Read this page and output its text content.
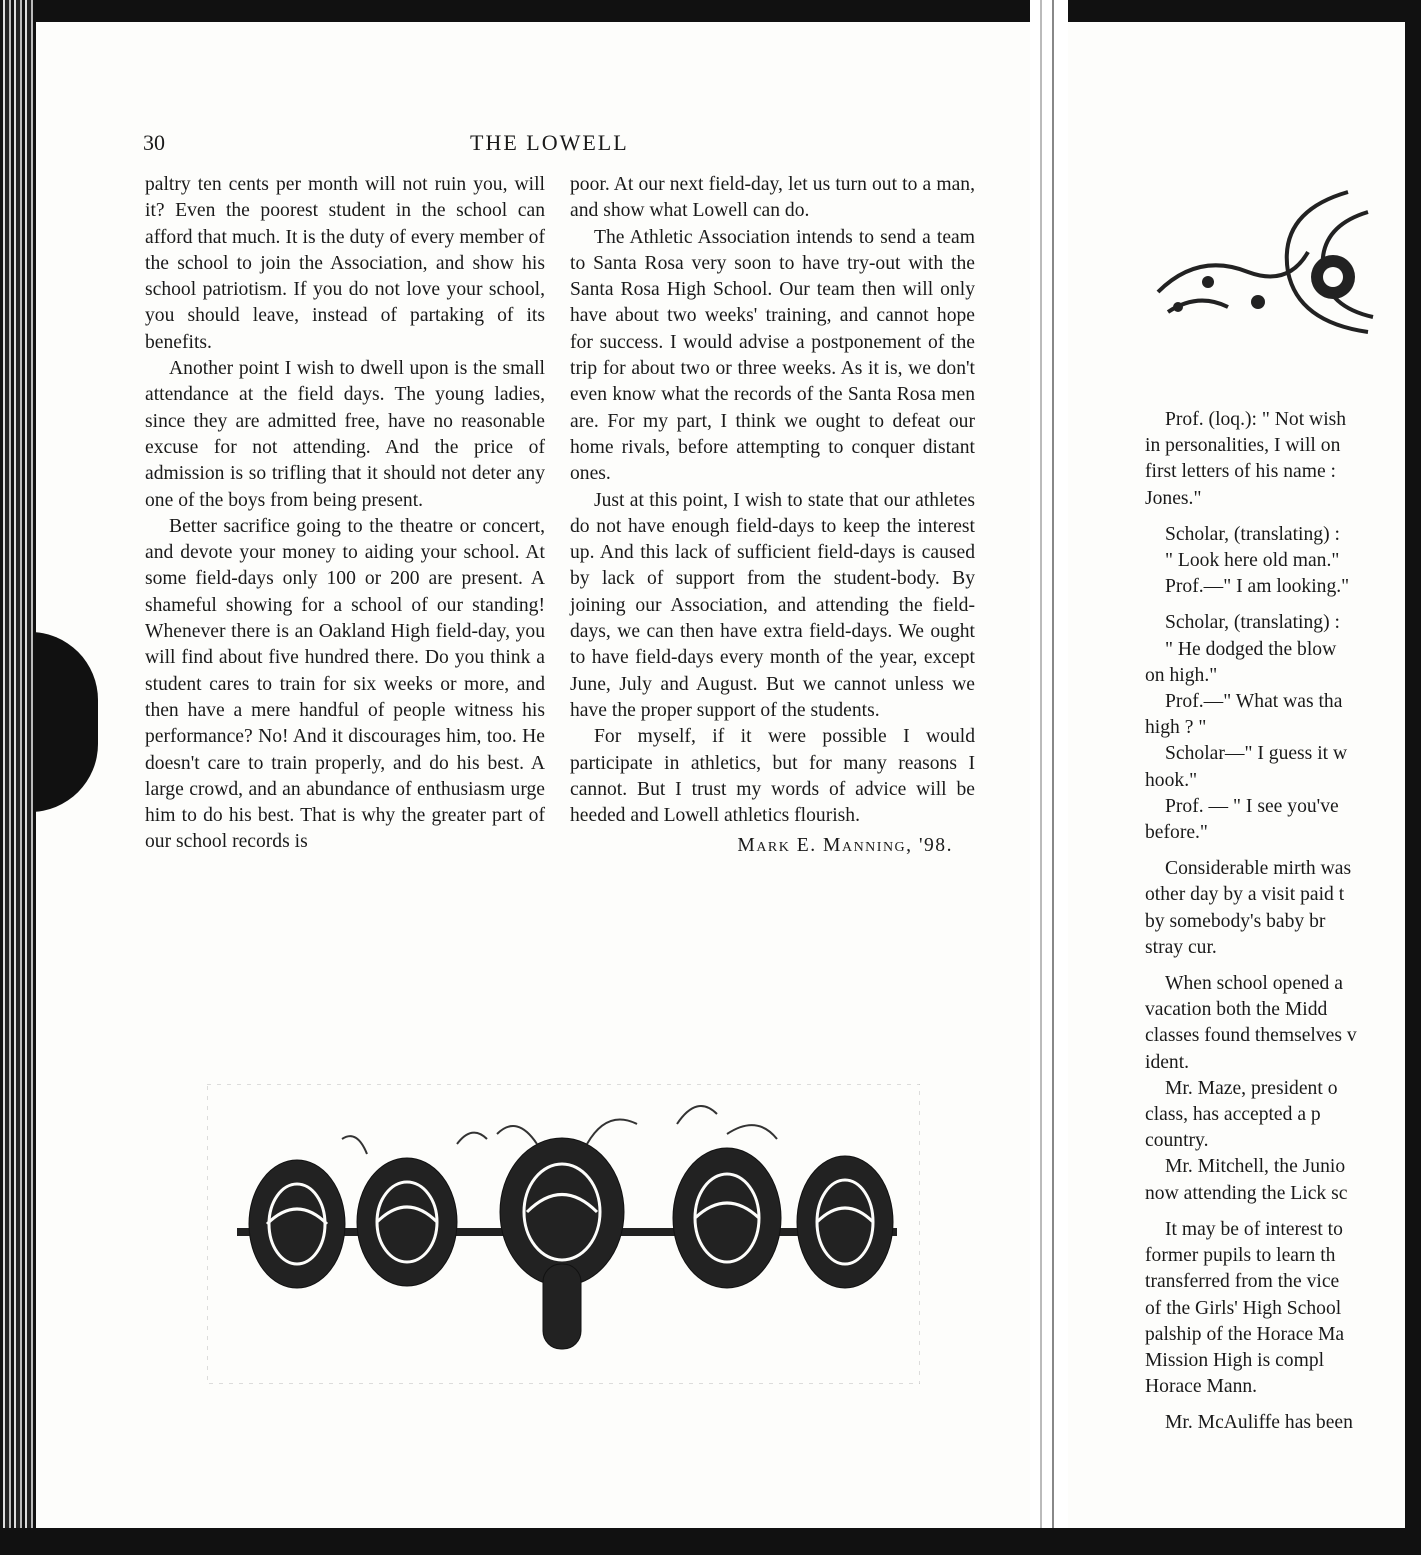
30	THE LOWELL

paltry ten cents per month will not ruin you, will it? Even the poorest student in the school can afford that much. It is the duty of every member of the school to join the Association, and show his school patriotism. If you do not love your school, you should leave, instead of partaking of its benefits.

Another point I wish to dwell upon is the small attendance at the field days. The young ladies, since they are admitted free, have no reasonable excuse for not attending. And the price of admission is so trifling that it should not deter any one of the boys from being present.

Better sacrifice going to the theatre or concert, and devote your money to aiding your school. At some field-days only 100 or 200 are present. A shameful showing for a school of our standing! Whenever there is an Oakland High field-day, you will find about five hundred there. Do you think a student cares to train for six weeks or more, and then have a mere handful of people witness his performance? No! And it discourages him, too. He doesn't care to train properly, and do his best. A large crowd, and an abundance of enthusiasm urge him to do his best. That is why the greater part of our school records is

poor. At our next field-day, let us turn out to a man, and show what Lowell can do.

The Athletic Association intends to send a team to Santa Rosa very soon to have try-out with the Santa Rosa High School. Our team then will only have about two weeks' training, and cannot hope for success. I would advise a postponement of the trip for about two or three weeks. As it is, we don't even know what the records of the Santa Rosa men are. For my part, I think we ought to defeat our home rivals, before attempting to conquer distant ones.

Just at this point, I wish to state that our athletes do not have enough field-days to keep the interest up. And this lack of sufficient field-days is caused by lack of support from the student-body. By joining our Association, and attending the field-days, we can then have extra field-days. We ought to have field-days every month of the year, except June, July and August. But we cannot unless we have the proper support of the students.

For myself, if it were possible I would participate in athletics, but for many reasons I cannot. But I trust my words of advice will be heeded and Lowell athletics flourish.

Mark E. Manning, '98.

Prof. (loq.): " Not wish
in personalities, I will on
first letters of his name :
Jones."
Scholar, (translating) :
" Look here old man."
Prof.—" I am looking."
Scholar, (translating) :
" He dodged the blow
on high."
Prof.—" What was tha
high ? "
Scholar—" I guess it w
hook."
Prof. — " I see you've
before."
Considerable mirth was
other day by a visit paid t
by somebody's baby br
stray cur.
When school opened a
vacation both the Midd
classes found themselves v
ident.
Mr. Maze, president o
class, has accepted a p
country.
Mr. Mitchell, the Junio
now attending the Lick sc
It may be of interest to
former pupils to learn th
transferred from the vice
of the Girls' High School
palship of the Horace Ma
Mission High is compl
Horace Mann.
Mr. McAuliffe has been
